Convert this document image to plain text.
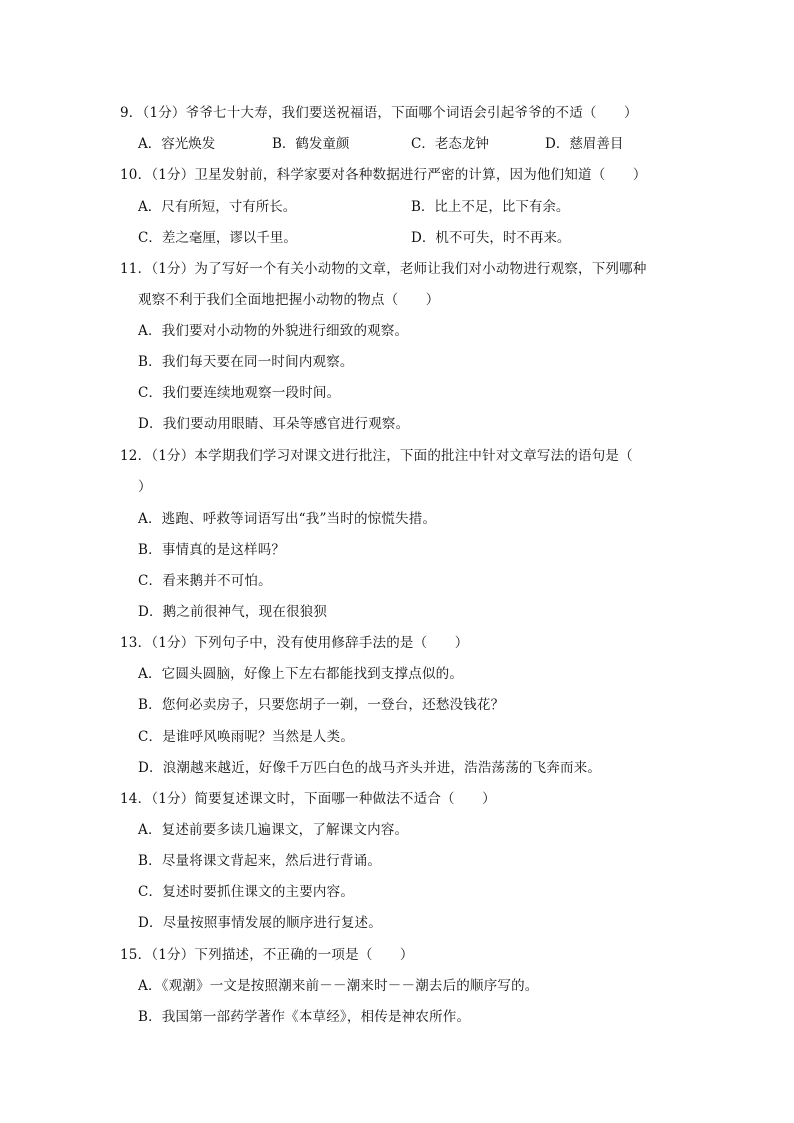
9．（1分）爷爷七十大寿，我们要送祝福语，下面哪个词语会引起爷爷的不适（　　）
A．容光焕发	B．鹤发童颜	C．老态龙钟	D．慈眉善目
10．（1分）卫星发射前，科学家要对各种数据进行严密的计算，因为他们知道（　　）
A．尺有所短，寸有所长。	B．比上不足，比下有余。
C．差之毫厘，谬以千里。	D．机不可失，时不再来。
11．（1分）为了写好一个有关小动物的文章，老师让我们对小动物进行观察，下列哪种
观察不利于我们全面地把握小动物的物点（　　）
A．我们要对小动物的外貌进行细致的观察。
B．我们每天要在同一时间内观察。
C．我们要连续地观察一段时间。
D．我们要动用眼睛、耳朵等感官进行观察。
12．（1分）本学期我们学习对课文进行批注，下面的批注中针对文章写法的语句是（
）
A．逃跑、呼救等词语写出“我”当时的惊慌失措。
B．事情真的是这样吗？
C．看来鹅并不可怕。
D．鹅之前很神气，现在很狼狈
13．（1分）下列句子中，没有使用修辞手法的是（　　）
A．它圆头圆脑，好像上下左右都能找到支撑点似的。
B．您何必卖房子，只要您胡子一剃，一登台，还愁没钱花？
C．是谁呼风唤雨呢？当然是人类。
D．浪潮越来越近，好像千万匹白色的战马齐头并进，浩浩荡荡的飞奔而来。
14．（1分）简要复述课文时，下面哪一种做法不适合（　　）
A．复述前要多读几遍课文，了解课文内容。
B．尽量将课文背起来，然后进行背诵。
C．复述时要抓住课文的主要内容。
D．尽量按照事情发展的顺序进行复述。
15．（1分）下列描述，不正确的一项是（　　）
A．《观潮》一文是按照潮来前－－潮来时－－潮去后的顺序写的。
B．我国第一部药学著作《本草经》，相传是神农所作。
